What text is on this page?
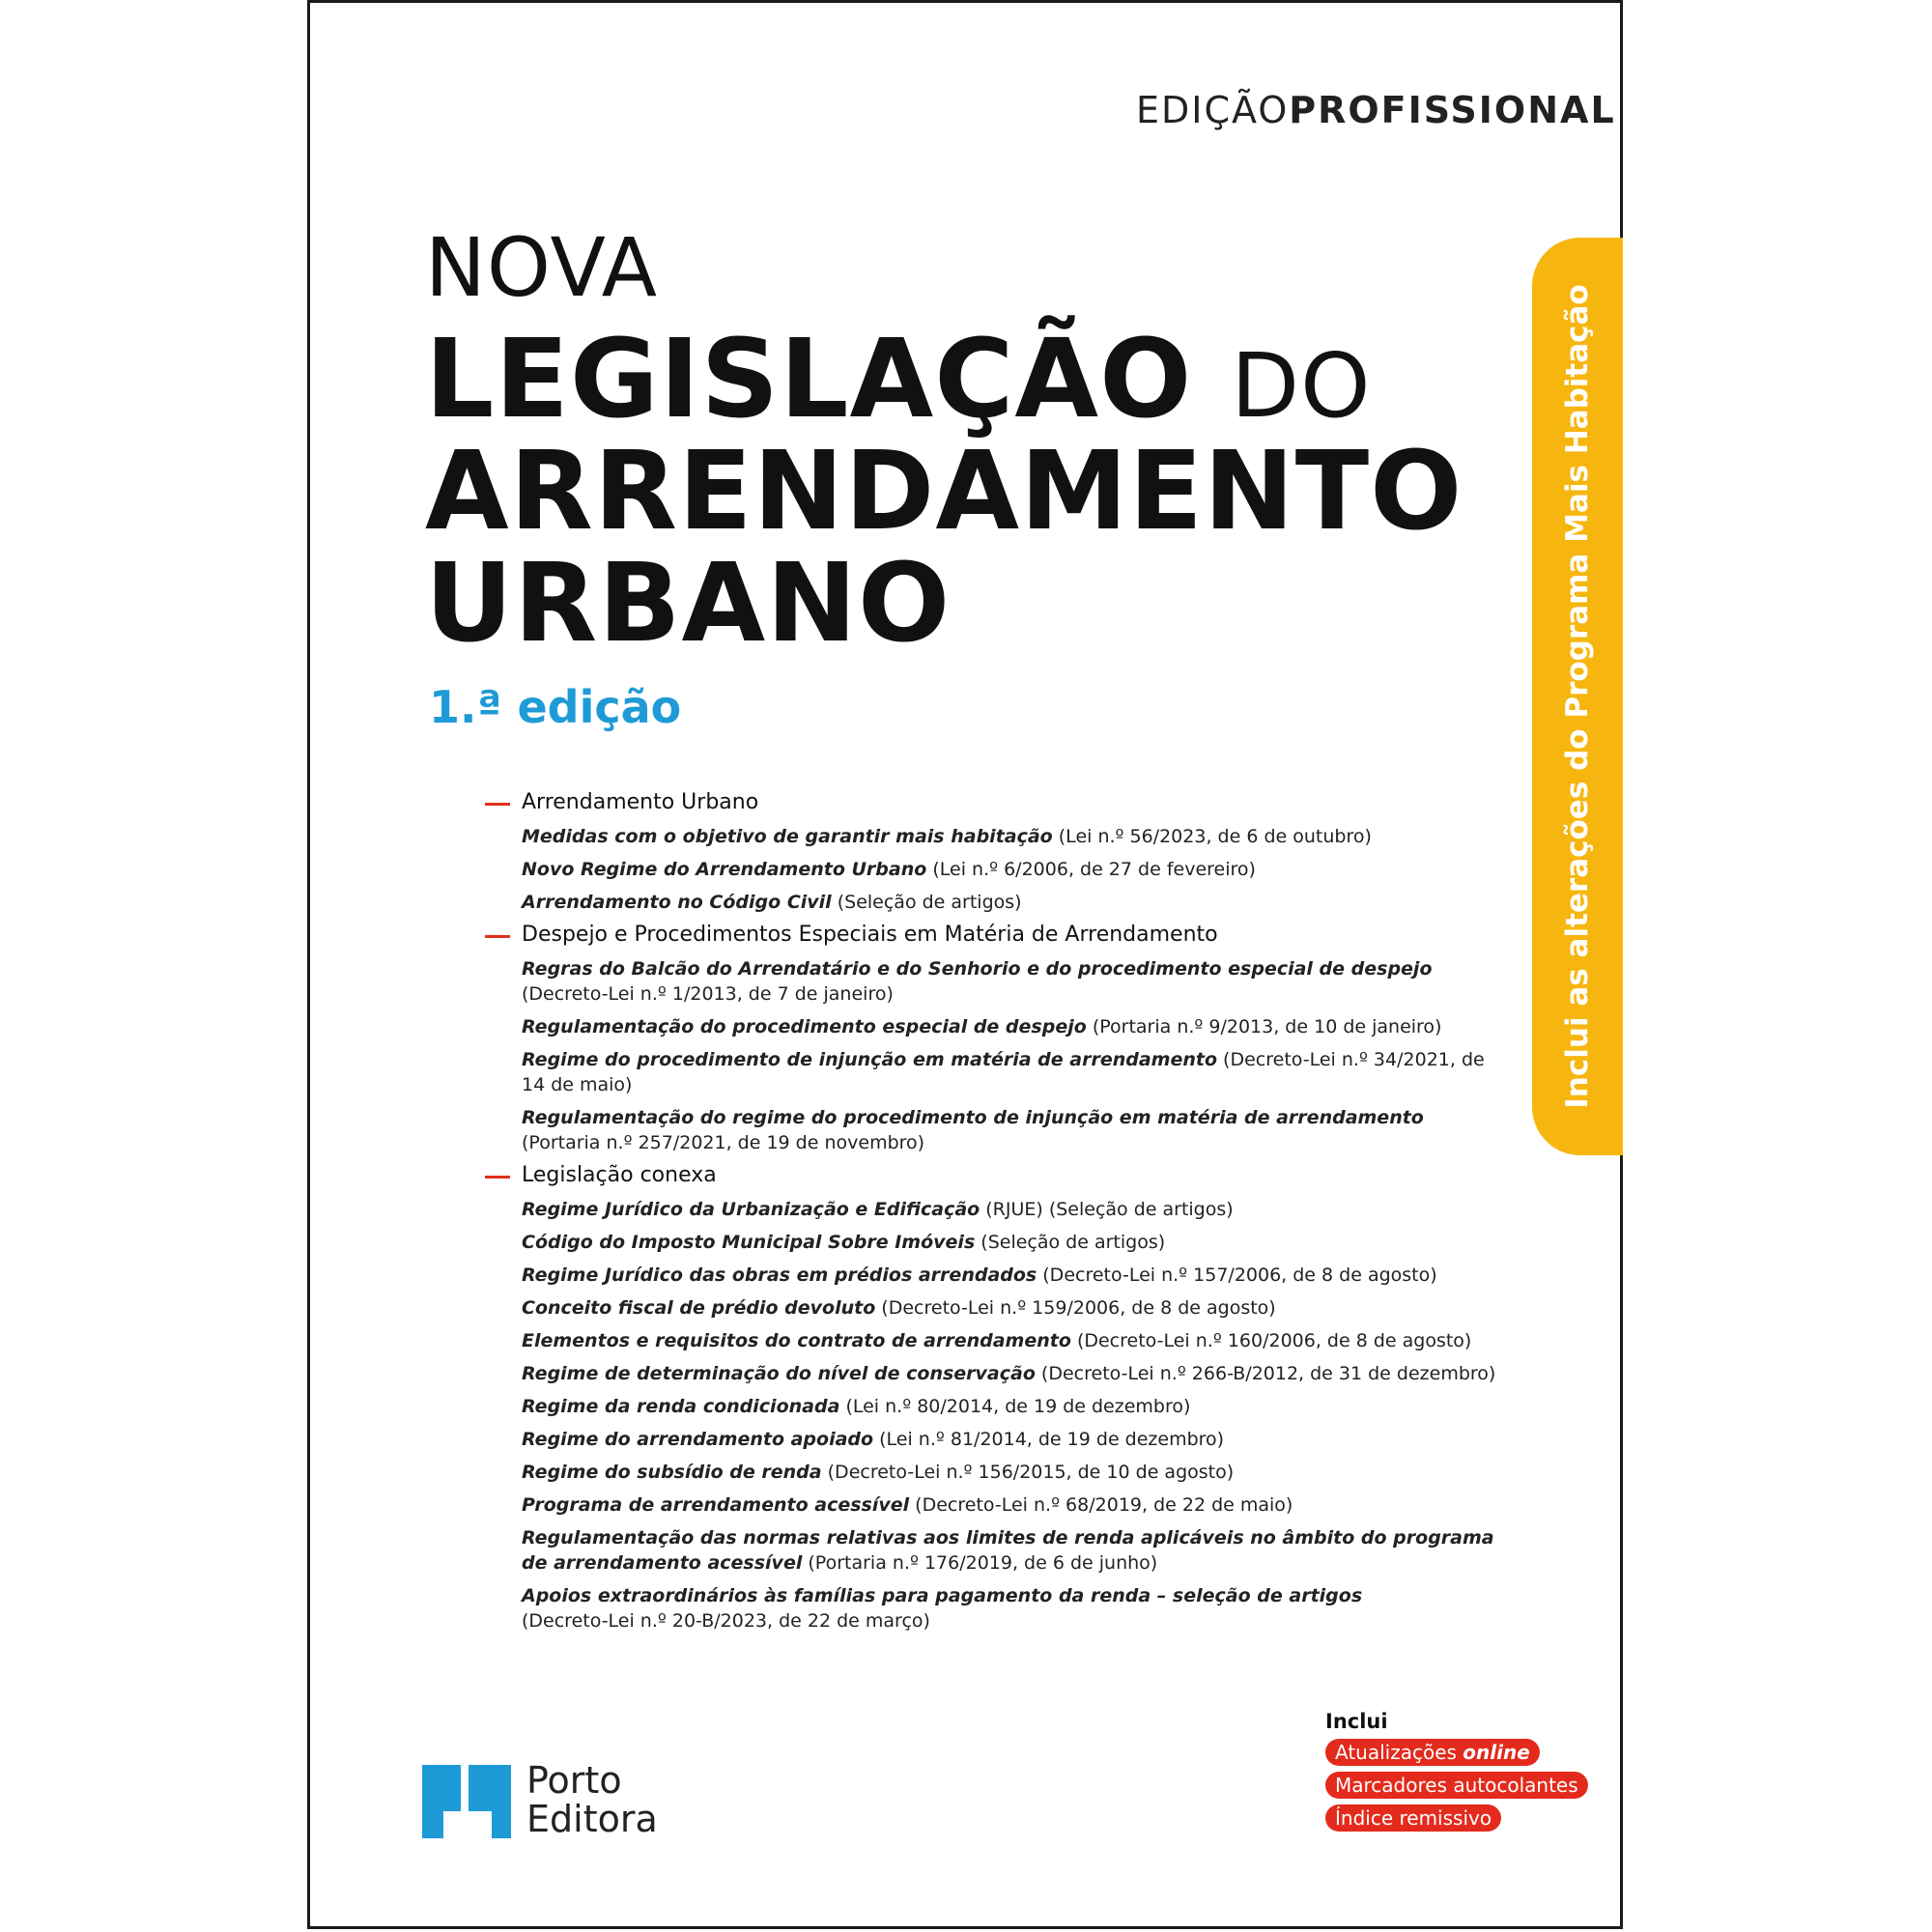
EDIÇÃOPROFISSIONAL
NOVA
LEGISLAÇÃO DO
ARRENDAMENTO
URBANO
1.ª edição	Inclui as alterações do Programa Mais Habitação
Arrendamento Urbano
Medidas com o objetivo de garantir mais habitação (Lei n.º 56/2023, de 6 de outubro)
Novo Regime do Arrendamento Urbano (Lei n.º 6/2006, de 27 de fevereiro)
Arrendamento no Código Civil (Seleção de artigos)
Despejo e Procedimentos Especiais em Matéria de Arrendamento
Regras do Balcão do Arrendatário e do Senhorio e do procedimento especial de despejo
(Decreto-Lei n.º 1/2013, de 7 de janeiro)
Regulamentação do procedimento especial de despejo (Portaria n.º 9/2013, de 10 de janeiro)
Regime do procedimento de injunção em matéria de arrendamento (Decreto-Lei n.º 34/2021, de 14 de maio)
Regulamentação do regime do procedimento de injunção em matéria de arrendamento
(Portaria n.º 257/2021, de 19 de novembro)
Legislação conexa
Regime Jurídico da Urbanização e Edificação (RJUE) (Seleção de artigos)
Código do Imposto Municipal Sobre Imóveis (Seleção de artigos)
Regime Jurídico das obras em prédios arrendados (Decreto-Lei n.º 157/2006, de 8 de agosto)
Conceito fiscal de prédio devoluto (Decreto-Lei n.º 159/2006, de 8 de agosto)
Elementos e requisitos do contrato de arrendamento (Decreto-Lei n.º 160/2006, de 8 de agosto)
Regime de determinação do nível de conservação (Decreto-Lei n.º 266-B/2012, de 31 de dezembro)
Regime da renda condicionada (Lei n.º 80/2014, de 19 de dezembro)
Regime do arrendamento apoiado (Lei n.º 81/2014, de 19 de dezembro)
Regime do subsídio de renda (Decreto-Lei n.º 156/2015, de 10 de agosto)
Programa de arrendamento acessível (Decreto-Lei n.º 68/2019, de 22 de maio)
Regulamentação das normas relativas aos limites de renda aplicáveis no âmbito do programa de arrendamento acessível (Portaria n.º 176/2019, de 6 de junho)
Apoios extraordinários às famílias para pagamento da renda – seleção de artigos
(Decreto-Lei n.º 20-B/2023, de 22 de março)
Porto
Editora
Inclui
Atualizações online
Marcadores autocolantes
Índice remissivo
